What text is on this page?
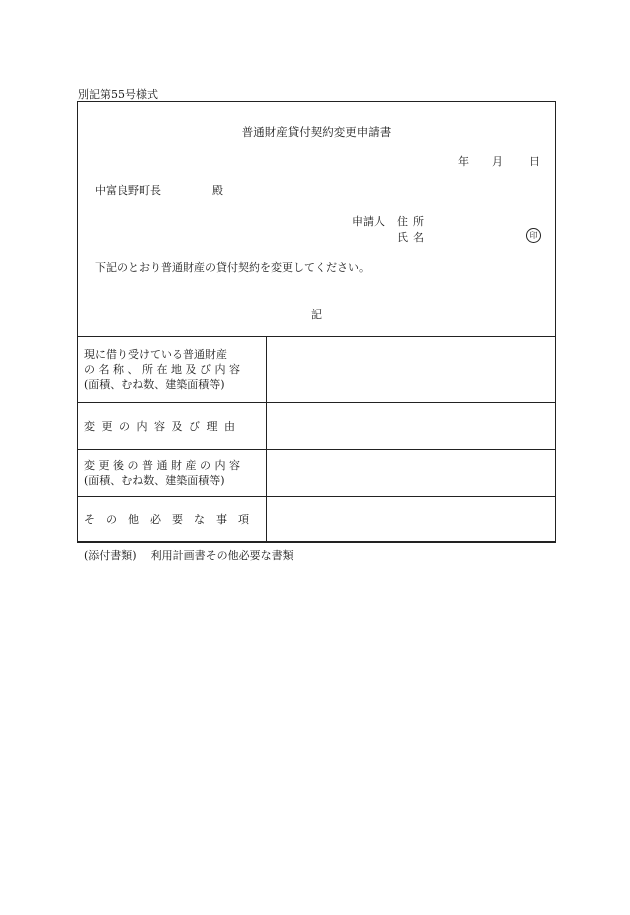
別記第55号様式
普通財産貸付契約変更申請書
年 月 日
中富良野町長	殿
申請人 住所
氏名	印
下記のとおり普通財産の貸付契約を変更してください。
記
現に借り受けている普通財産
の 名 称 、 所 在 地 及 び 内 容
(面積、むね数、建築面積等)	

変更の内容及び理由	

変 更 後 の 普 通 財 産 の 内 容
(面積、むね数、建築面積等)	

その他必要な事項	

(添付書類) 利用計画書その他必要な書類
